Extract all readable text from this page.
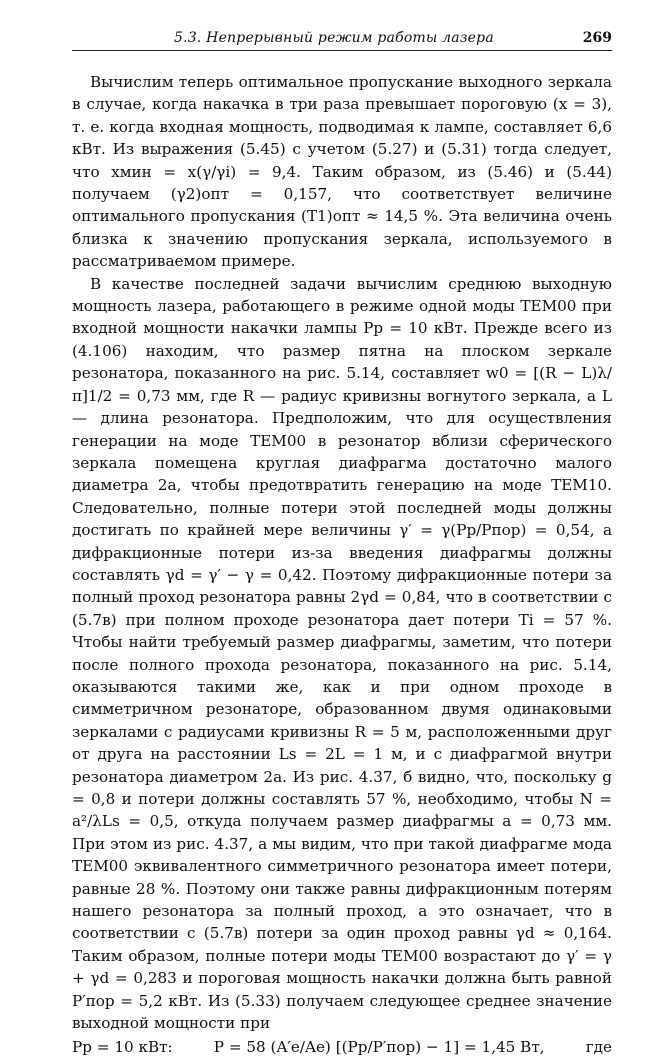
5.3. Непрерывный режим работы лазера	269

Вычислим теперь оптимальное пропускание выходного зеркала в случае, когда накачка в три раза превышает пороговую (x = 3), т. е. когда входная мощность, подводимая к лампе, составляет 6,6 кВт. Из выражения (5.45) с учетом (5.27) и (5.31) тогда следует, что xмин = x(γ/γi) = 9,4. Таким образом, из (5.46) и (5.44) получаем (γ2)опт = 0,157, что соответствует величине оптимального пропускания (T1)опт ≈ 14,5 %. Эта величина очень близка к значению пропускания зеркала, используемого в рассматриваемом примере.

В качестве последней задачи вычислим среднюю выходную мощность лазера, работающего в режиме одной моды TEM00 при входной мощности накачки лампы Pp = 10 кВт. Прежде всего из (4.106) находим, что размер пятна на плоском зеркале резонатора, показанного на рис. 5.14, составляет w0 = [(R − L)λ/π]1/2 = 0,73 мм, где R — радиус кривизны вогнутого зеркала, а L — длина резонатора. Предположим, что для осуществления генерации на моде TEM00 в резонатор вблизи сферического зеркала помещена круглая диафрагма достаточно малого диаметра 2a, чтобы предотвратить генерацию на моде TEM10. Следовательно, полные потери этой последней моды должны достигать по крайней мере величины γ′ = γ(Pp/Pпор) = 0,54, а дифракционные потери из-за введения диафрагмы должны составлять γd = γ′ − γ = 0,42. Поэтому дифракционные потери за полный проход резонатора равны 2γd = 0,84, что в соответствии с (5.7в) при полном проходе резонатора дает потери Ti = 57 %. Чтобы найти требуемый размер диафрагмы, заметим, что потери после полного прохода резонатора, показанного на рис. 5.14, оказываются такими же, как и при одном проходе в симметричном резонаторе, образованном двумя одинаковыми зеркалами с радиусами кривизны R = 5 м, расположенными друг от друга на расстоянии Ls = 2L = 1 м, и с диафрагмой внутри резонатора диаметром 2a. Из рис. 4.37, б видно, что, поскольку g = 0,8 и потери должны составлять 57 %, необходимо, чтобы N = a²/λLs = 0,5, откуда получаем размер диафрагмы a = 0,73 мм. При этом из рис. 4.37, a мы видим, что при такой диафрагме мода TEM00 эквивалентного симметричного резонатора имеет потери, равные 28 %. Поэтому они также равны дифракционным потерям нашего резонатора за полный проход, а это означает, что в соответствии с (5.7в) потери за один проход равны γd ≈ 0,164. Таким образом, полные потери моды TEM00 возрастают до γ′ = γ + γd = 0,283 и пороговая мощность накачки должна быть равной P′пор = 5,2 кВт. Из (5.33) получаем следующее среднее значение выходной мощности при

Pp = 10 кВт:	P = 58 (A′e/Ae) [(Pp/P′пор) − 1] = 1,45 Вт,	где
